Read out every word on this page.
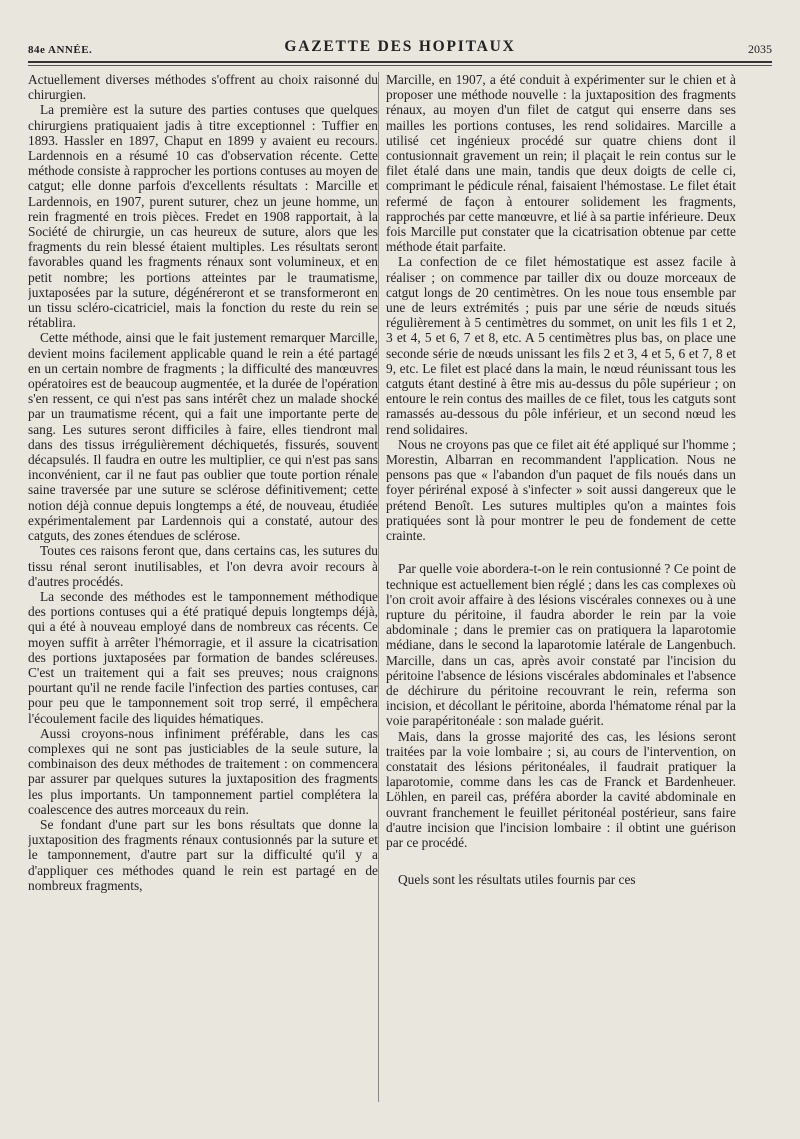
84e ANNÉE.	GAZETTE DES HOPITAUX	2035

Actuellement diverses méthodes s'offrent au choix raisonné du chirurgien.

La première est la suture des parties contuses que quelques chirurgiens pratiquaient jadis à titre exceptionnel : Tuffier en 1893. Hassler en 1897, Chaput en 1899 y avaient eu recours. Lardennois en a résumé 10 cas d'observation récente. Cette méthode consiste à rapprocher les portions contuses au moyen de catgut; elle donne parfois d'excellents résultats : Marcille et Lardennois, en 1907, purent suturer, chez un jeune homme, un rein fragmenté en trois pièces. Fredet en 1908 rapportait, à la Société de chirurgie, un cas heureux de suture, alors que les fragments du rein blessé étaient multiples. Les résultats seront favorables quand les fragments rénaux sont volumineux, et en petit nombre; les portions atteintes par le traumatisme, juxtaposées par la suture, dégénéreront et se transformeront en un tissu scléro-cicatriciel, mais la fonction du reste du rein se rétablira.

Cette méthode, ainsi que le fait justement remarquer Marcille, devient moins facilement applicable quand le rein a été partagé en un certain nombre de fragments ; la difficulté des manœuvres opératoires est de beaucoup augmentée, et la durée de l'opération s'en ressent, ce qui n'est pas sans intérêt chez un malade shocké par un traumatisme récent, qui a fait une importante perte de sang. Les sutures seront difficiles à faire, elles tiendront mal dans des tissus irrégulièrement déchiquetés, fissurés, souvent décapsulés. Il faudra en outre les multiplier, ce qui n'est pas sans inconvénient, car il ne faut pas oublier que toute portion rénale saine traversée par une suture se sclérose définitivement; cette notion déjà connue depuis longtemps a été, de nouveau, étudiée expérimentalement par Lardennois qui a constaté, autour des catguts, des zones étendues de sclérose.

Toutes ces raisons feront que, dans certains cas, les sutures du tissu rénal seront inutilisables, et l'on devra avoir recours à d'autres procédés.

La seconde des méthodes est le tamponnement méthodique des portions contuses qui a été pratiqué depuis longtemps déjà, qui a été à nouveau employé dans de nombreux cas récents. Ce moyen suffit à arrêter l'hémorragie, et il assure la cicatrisation des portions juxtaposées par formation de bandes scléreuses. C'est un traitement qui a fait ses preuves; nous craignons pourtant qu'il ne rende facile l'infection des parties contuses, car pour peu que le tamponnement soit trop serré, il empêchera l'écoulement facile des liquides hématiques.

Aussi croyons-nous infiniment préférable, dans les cas complexes qui ne sont pas justiciables de la seule suture, la combinaison des deux méthodes de traitement : on commencera par assurer par quelques sutures la juxtaposition des fragments les plus importants. Un tamponnement partiel complétera la coalescence des autres morceaux du rein.

Se fondant d'une part sur les bons résultats que donne la juxtaposition des fragments rénaux contusionnés par la suture et le tamponnement, d'autre part sur la difficulté qu'il y a d'appliquer ces méthodes quand le rein est partagé en de nombreux fragments,

Marcille, en 1907, a été conduit à expérimenter sur le chien et à proposer une méthode nouvelle : la juxtaposition des fragments rénaux, au moyen d'un filet de catgut qui enserre dans ses mailles les portions contuses, les rend solidaires. Marcille a utilisé cet ingénieux procédé sur quatre chiens dont il contusionnait gravement un rein; il plaçait le rein contus sur le filet étalé dans une main, tandis que deux doigts de celle ci, comprimant le pédicule rénal, faisaient l'hémostase. Le filet était refermé de façon à entourer solidement les fragments, rapprochés par cette manœuvre, et lié à sa partie inférieure. Deux fois Marcille put constater que la cicatrisation obtenue par cette méthode était parfaite.

La confection de ce filet hémostatique est assez facile à réaliser ; on commence par tailler dix ou douze morceaux de catgut longs de 20 centimètres. On les noue tous ensemble par une de leurs extrémités ; puis par une série de nœuds situés régulièrement à 5 centimètres du sommet, on unit les fils 1 et 2, 3 et 4, 5 et 6, 7 et 8, etc. A 5 centimètres plus bas, on place une seconde série de nœuds unissant les fils 2 et 3, 4 et 5, 6 et 7, 8 et 9, etc. Le filet est placé dans la main, le nœud réunissant tous les catguts étant destiné à être mis au-dessus du pôle supérieur ; on entoure le rein contus des mailles de ce filet, tous les catguts sont ramassés au-dessous du pôle inférieur, et un second nœud les rend solidaires.

Nous ne croyons pas que ce filet ait été appliqué sur l'homme ; Morestin, Albarran en recommandent l'application. Nous ne pensons pas que « l'abandon d'un paquet de fils noués dans un foyer périrénal exposé à s'infecter » soit aussi dangereux que le prétend Benoît. Les sutures multiples qu'on a maintes fois pratiquées sont là pour montrer le peu de fondement de cette crainte.

Par quelle voie abordera-t-on le rein contusionné ? Ce point de technique est actuellement bien réglé ; dans les cas complexes où l'on croit avoir affaire à des lésions viscérales connexes ou à une rupture du péritoine, il faudra aborder le rein par la voie abdominale ; dans le premier cas on pratiquera la laparotomie médiane, dans le second la laparotomie latérale de Langenbuch. Marcille, dans un cas, après avoir constaté par l'incision du péritoine l'absence de lésions viscérales abdominales et l'absence de déchirure du péritoine recouvrant le rein, referma son incision, et décollant le péritoine, aborda l'hématome rénal par la voie parapéritonéale : son malade guérit.

Mais, dans la grosse majorité des cas, les lésions seront traitées par la voie lombaire ; si, au cours de l'intervention, on constatait des lésions péritonéales, il faudrait pratiquer la laparotomie, comme dans les cas de Franck et Bardenheuer. Löhlen, en pareil cas, préféra aborder la cavité abdominale en ouvrant franchement le feuillet péritonéal postérieur, sans faire d'autre incision que l'incision lombaire : il obtint une guérison par ce procédé.

Quels sont les résultats utiles fournis par ces
